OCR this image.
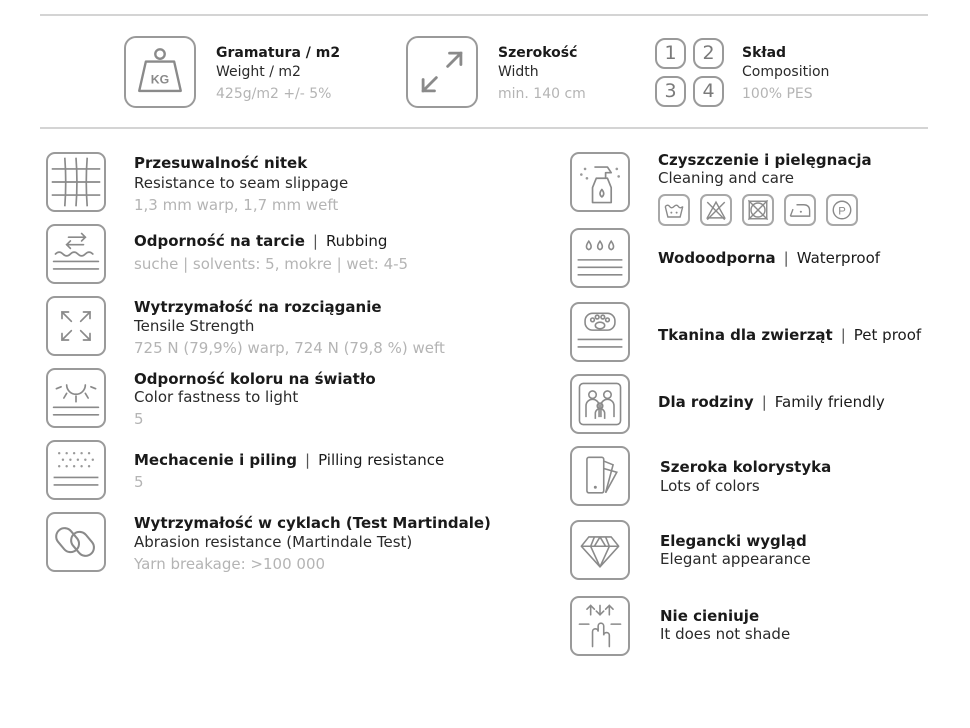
KG
Gramatura / m2
Weight / m2
425g/m2 +/- 5%
Szerokość
Width
min. 140 cm
1	2
3	4
Skład
Composition
100% PES
Przesuwalność nitek
Resistance to seam slippage
1,3 mm warp, 1,7 mm weft
Odporność na tarcie | Rubbing
suche | solvents: 5, mokre | wet: 4-5
Wytrzymałość na rozciąganie
Tensile Strength
725 N (79,9%) warp, 724 N (79,8 %) weft
Odporność koloru na światło
Color fastness to light
5
Mechacenie i piling | Pilling resistance
5
Wytrzymałość w cyklach (Test Martindale)
Abrasion resistance (Martindale Test)
Yarn breakage: >100 000
Czyszczenie i pielęgnacja
Cleaning and care
P
Wodoodporna | Waterproof
Tkanina dla zwierząt | Pet proof
Dla rodziny | Family friendly
Szeroka kolorystyka
Lots of colors
Elegancki wygląd
Elegant appearance
Nie cieniuje
It does not shade
